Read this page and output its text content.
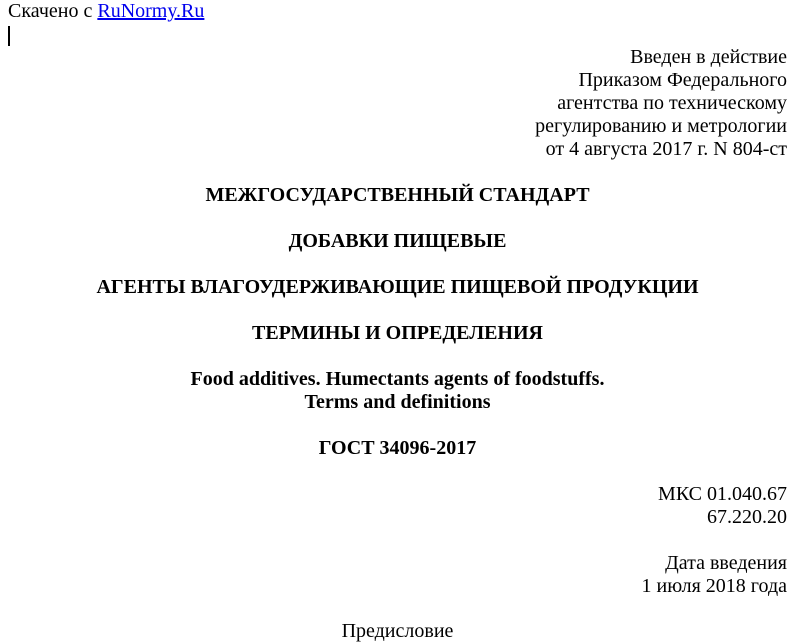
Скачено с RuNormy.Ru
Введен в действие
Приказом Федерального
агентства по техническому
регулированию и метрологии
от 4 августа 2017 г. N 804-ст
МЕЖГОСУДАРСТВЕННЫЙ СТАНДАРТ
ДОБАВКИ ПИЩЕВЫЕ
АГЕНТЫ ВЛАГОУДЕРЖИВАЮЩИЕ ПИЩЕВОЙ ПРОДУКЦИИ
ТЕРМИНЫ И ОПРЕДЕЛЕНИЯ
Food additives. Humectants agents of foodstuffs.
Terms and definitions
ГОСТ 34096-2017
МКС 01.040.67
67.220.20
Дата введения
1 июля 2018 года
Предисловие
